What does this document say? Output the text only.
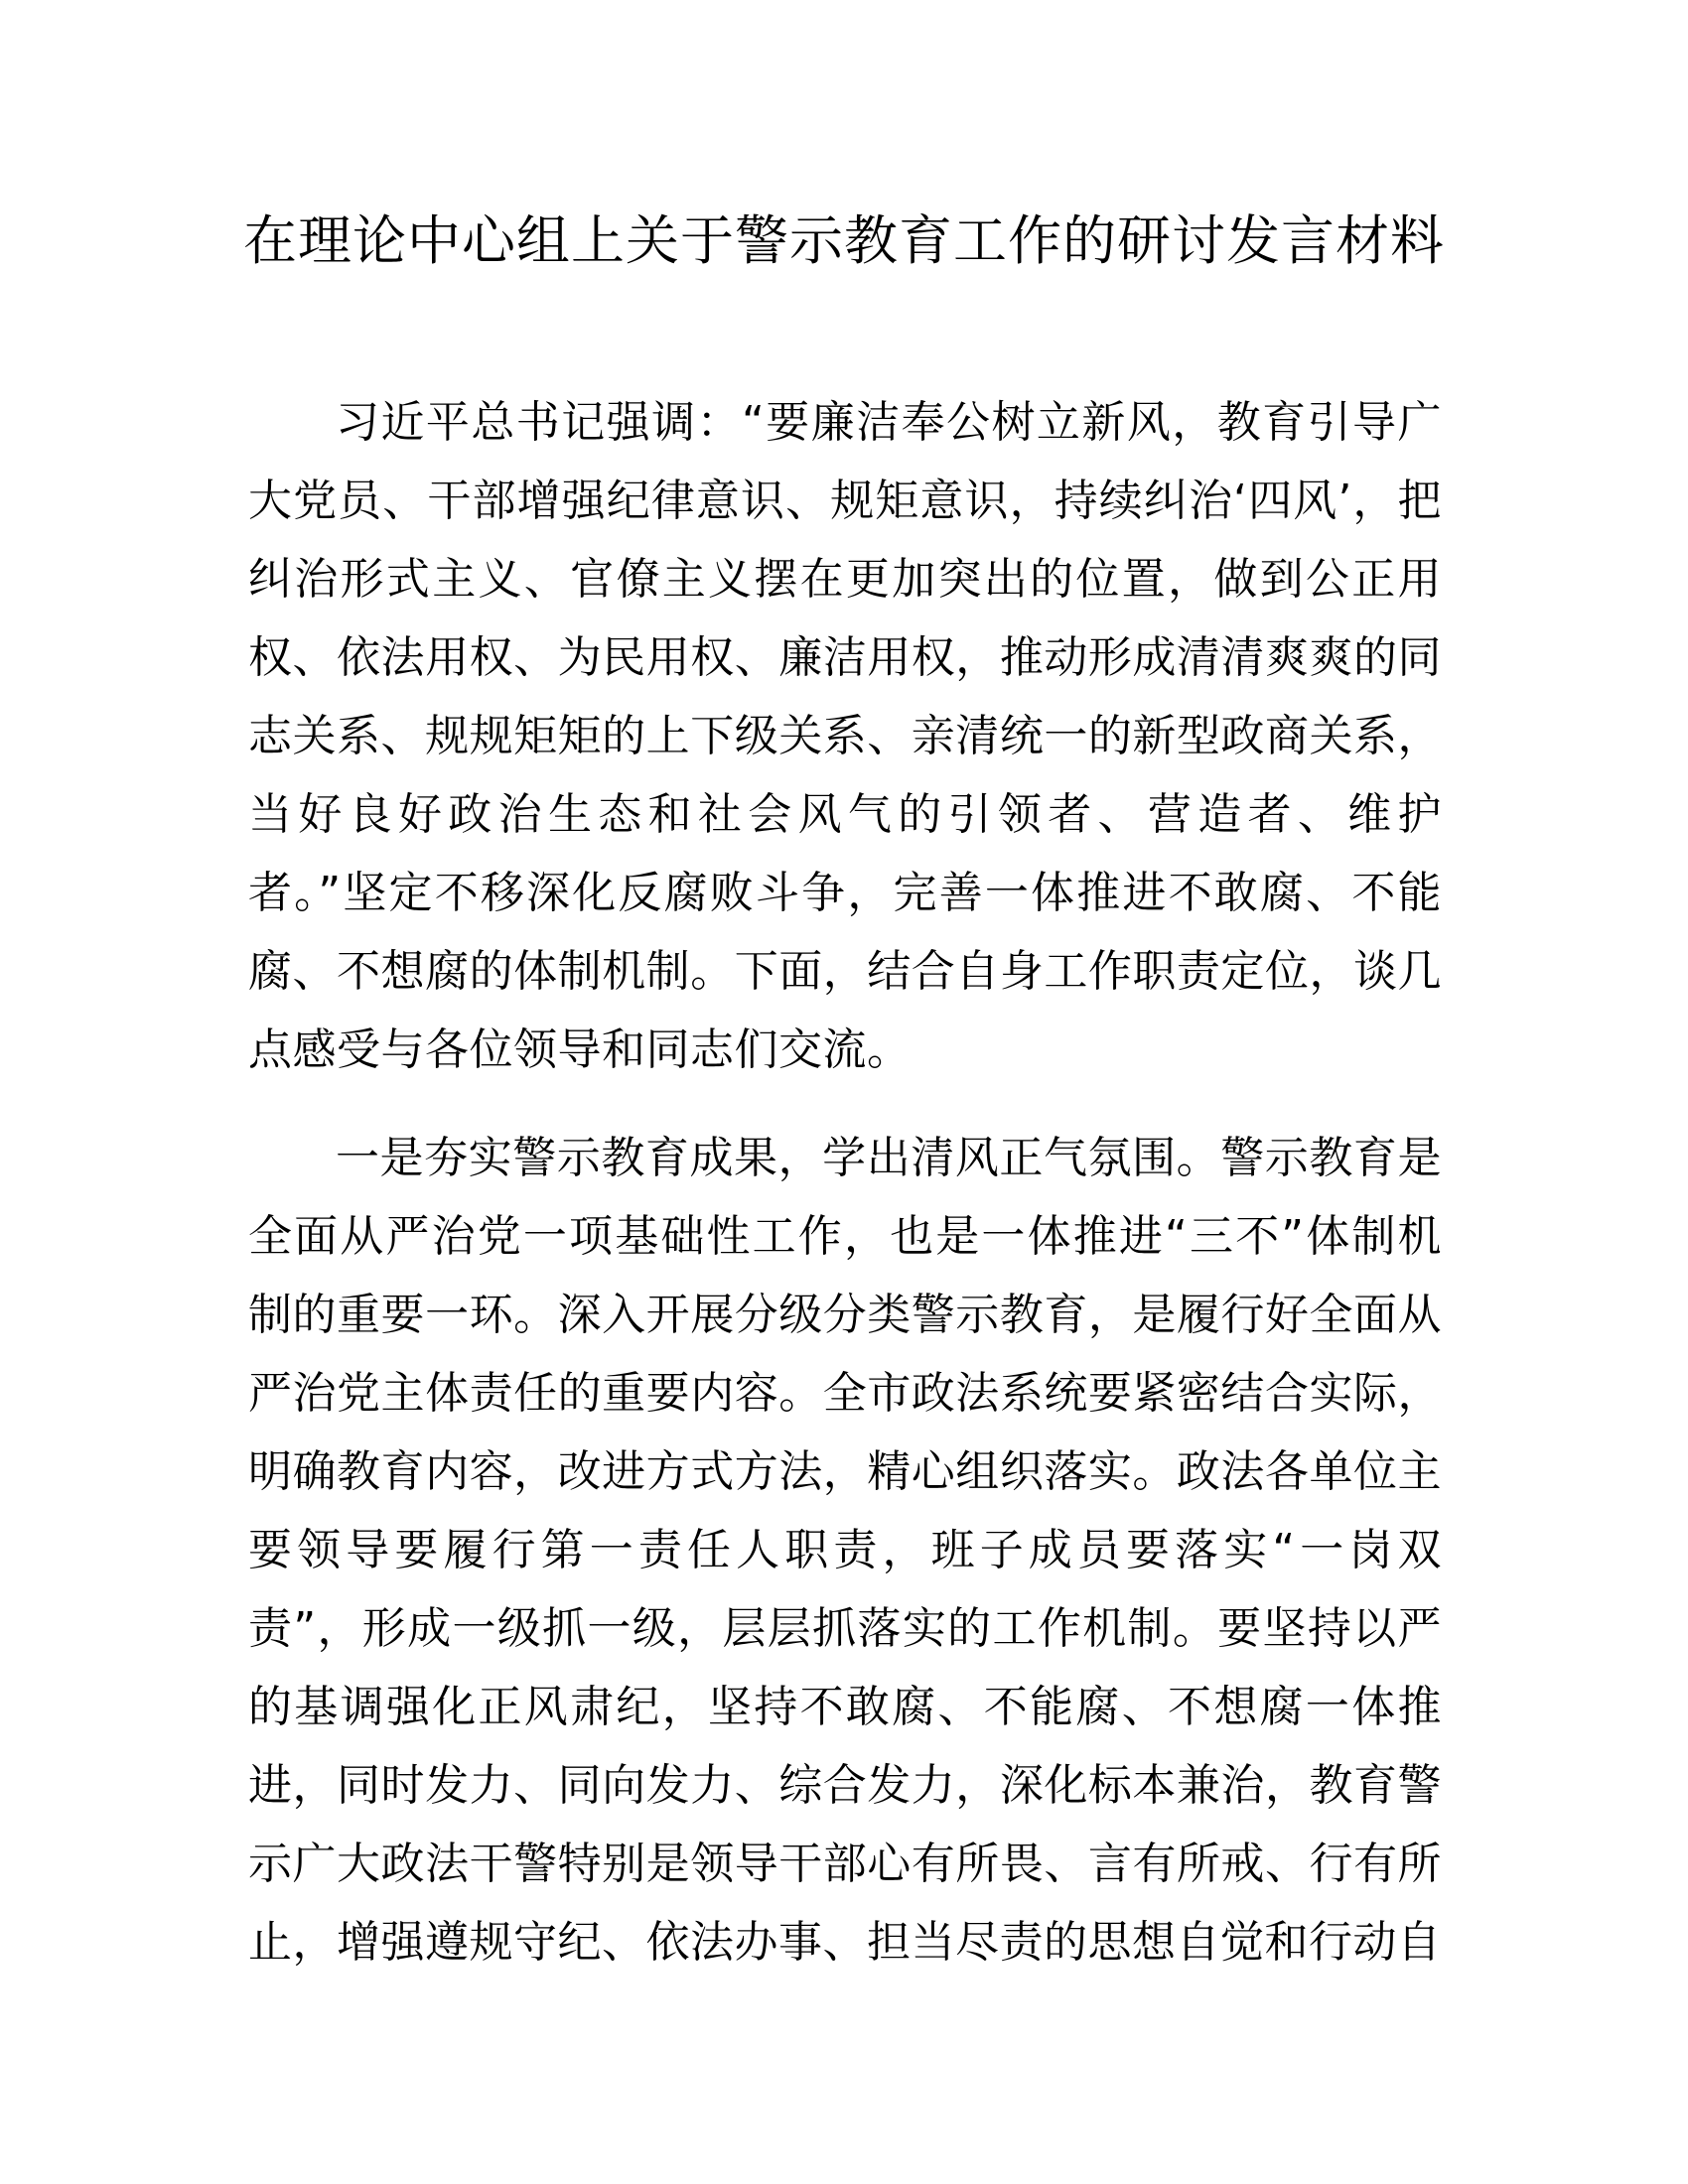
在理论中心组上关于警示教育工作的研讨发言材料

习近平总书记强调：“要廉洁奉公树立新风，教育引导广大党员、干部增强纪律意识、规矩意识，持续纠治‘四风’，把纠治形式主义、官僚主义摆在更加突出的位置，做到公正用权、依法用权、为民用权、廉洁用权，推动形成清清爽爽的同志关系、规规矩矩的上下级关系、亲清统一的新型政商关系，当好良好政治生态和社会风气的引领者、营造者、维护者。”坚定不移深化反腐败斗争，完善一体推进不敢腐、不能腐、不想腐的体制机制。下面，结合自身工作职责定位，谈几点感受与各位领导和同志们交流。

一是夯实警示教育成果，学出清风正气氛围。警示教育是全面从严治党一项基础性工作，也是一体推进“三不”体制机制的重要一环。深入开展分级分类警示教育，是履行好全面从严治党主体责任的重要内容。全市政法系统要紧密结合实际，明确教育内容，改进方式方法，精心组织落实。政法各单位主要领导要履行第一责任人职责，班子成员要落实“一岗双责”，形成一级抓一级，层层抓落实的工作机制。要坚持以严的基调强化正风肃纪，坚持不敢腐、不能腐、不想腐一体推进，同时发力、同向发力、综合发力，深化标本兼治，教育警示广大政法干警特别是领导干部心有所畏、言有所戒、行有所止，增强遵规守纪、依法办事、担当尽责的思想自觉和行动自
